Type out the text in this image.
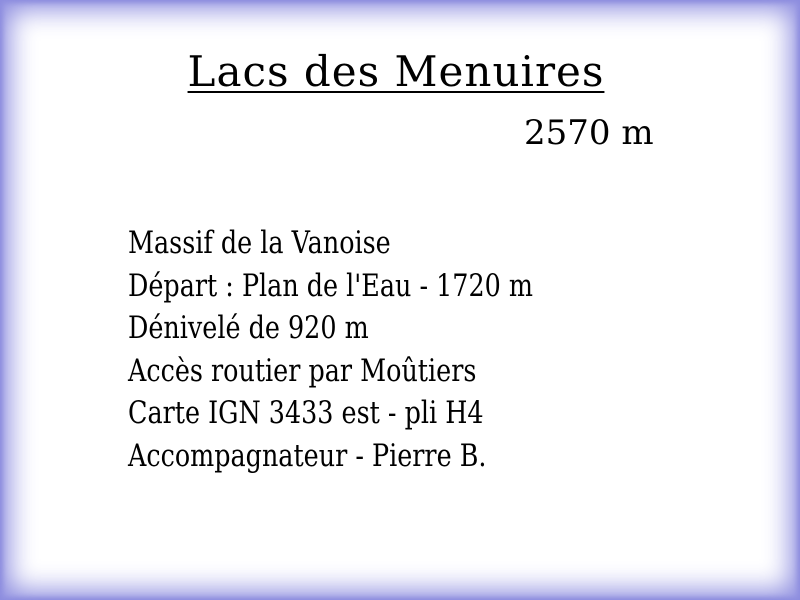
Lacs des Menuires
2570 m
Massif de la Vanoise
Départ : Plan de l'Eau - 1720 m
Dénivelé de 920 m
Accès routier par Moûtiers
Carte IGN 3433 est - pli H4
Accompagnateur - Pierre B.
